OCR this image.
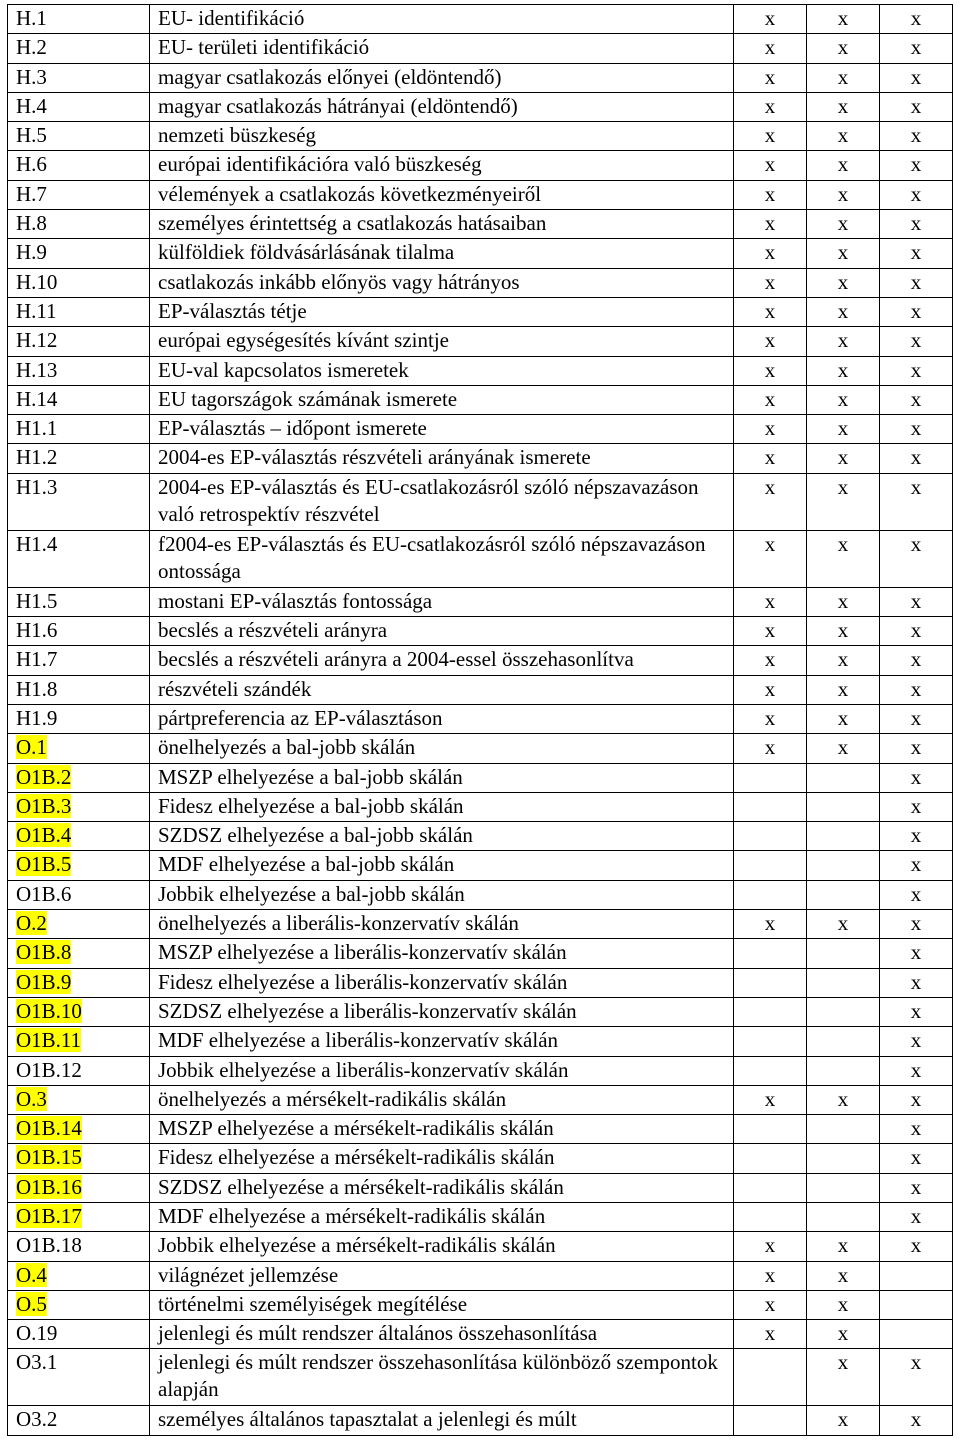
H.1	EU- identifikáció	x	x	x
H.2	EU- területi identifikáció	x	x	x
H.3	magyar csatlakozás előnyei (eldöntendő)	x	x	x
H.4	magyar csatlakozás hátrányai (eldöntendő)	x	x	x
H.5	nemzeti büszkeség	x	x	x
H.6	európai identifikációra való büszkeség	x	x	x
H.7	vélemények a csatlakozás következményeiről	x	x	x
H.8	személyes érintettség a csatlakozás hatásaiban	x	x	x
H.9	külföldiek földvásárlásának tilalma	x	x	x
H.10	csatlakozás inkább előnyös vagy hátrányos	x	x	x
H.11	EP-választás tétje	x	x	x
H.12	európai egységesítés kívánt szintje	x	x	x
H.13	EU-val kapcsolatos ismeretek	x	x	x
H.14	EU tagországok számának ismerete	x	x	x
H1.1	EP-választás – időpont ismerete	x	x	x
H1.2	2004-es EP-választás részvételi arányának ismerete	x	x	x
H1.3	2004-es EP-választás és EU-csatlakozásról szóló népszavazáson való retrospektív részvétel	x	x	x
H1.4	f2004-es EP-választás és EU-csatlakozásról szóló népszavazáson ontossága	x	x	x
H1.5	mostani EP-választás fontossága	x	x	x
H1.6	becslés a részvételi arányra	x	x	x
H1.7	becslés a részvételi arányra a 2004-essel összehasonlítva	x	x	x
H1.8	részvételi szándék	x	x	x
H1.9	pártpreferencia az EP-választáson	x	x	x
O.1	önelhelyezés a bal-jobb skálán	x	x	x
O1B.2	MSZP elhelyezése a bal-jobb skálán			x
O1B.3	Fidesz elhelyezése a bal-jobb skálán			x
O1B.4	SZDSZ elhelyezése a bal-jobb skálán			x
O1B.5	MDF elhelyezése a bal-jobb skálán			x
O1B.6	Jobbik elhelyezése a bal-jobb skálán			x
O.2	önelhelyezés a liberális-konzervatív skálán	x	x	x
O1B.8	MSZP elhelyezése a liberális-konzervatív skálán			x
O1B.9	Fidesz elhelyezése a liberális-konzervatív skálán			x
O1B.10	SZDSZ elhelyezése a liberális-konzervatív skálán			x
O1B.11	MDF elhelyezése a liberális-konzervatív skálán			x
O1B.12	Jobbik elhelyezése a liberális-konzervatív skálán			x
O.3	önelhelyezés a mérsékelt-radikális skálán	x	x	x
O1B.14	MSZP elhelyezése a mérsékelt-radikális skálán			x
O1B.15	Fidesz elhelyezése a mérsékelt-radikális skálán			x
O1B.16	SZDSZ elhelyezése a mérsékelt-radikális skálán			x
O1B.17	MDF elhelyezése a mérsékelt-radikális skálán			x
O1B.18	Jobbik elhelyezése a mérsékelt-radikális skálán	x	x	x
O.4	világnézet jellemzése	x	x	
O.5	történelmi személyiségek megítélése	x	x	
O.19	jelenlegi és múlt rendszer általános összehasonlítása	x	x	
O3.1	jelenlegi és múlt rendszer összehasonlítása különböző szempontok alapján		x	x
O3.2	személyes általános tapasztalat a jelenlegi és múlt		x	x
